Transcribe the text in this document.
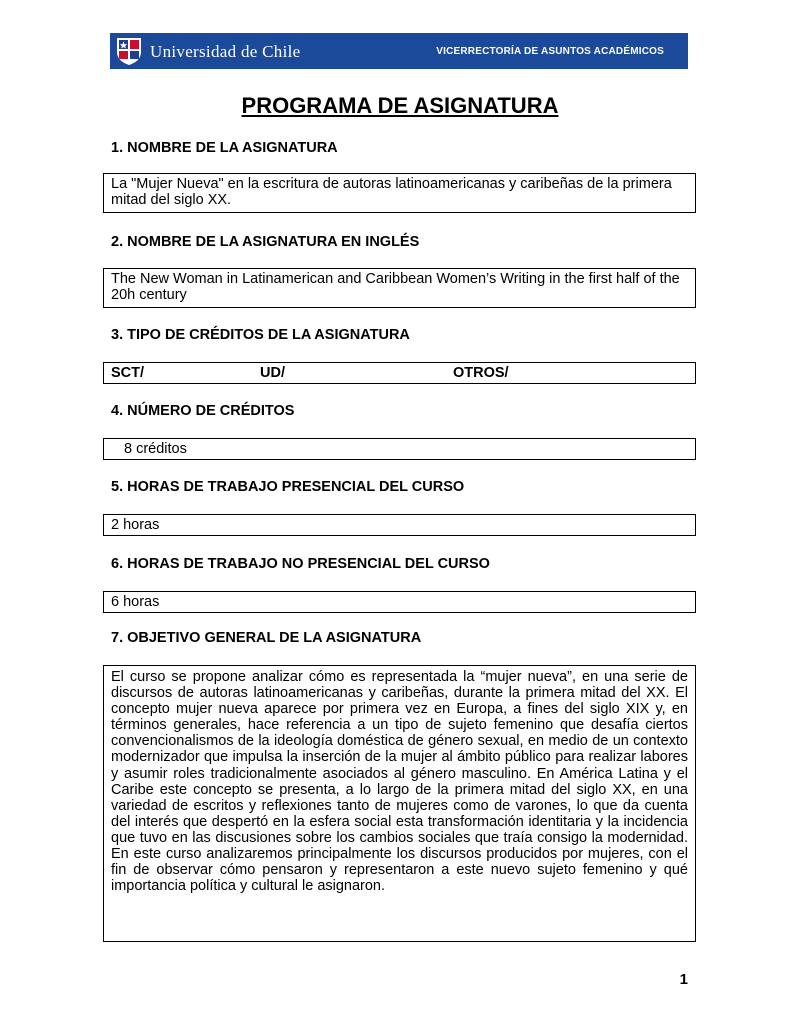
Universidad de Chile	VICERRECTORÍA DE ASUNTOS ACADÉMICOS
PROGRAMA DE ASIGNATURA
1. NOMBRE DE LA ASIGNATURA
La "Mujer Nueva" en la escritura de autoras latinoamericanas y caribeñas de la primera mitad del siglo XX.
2. NOMBRE DE LA ASIGNATURA EN INGLÉS
The New Woman in Latinamerican and Caribbean Women’s Writing in the first half of the 20h century
3. TIPO DE CRÉDITOS DE LA ASIGNATURA
SCT/	UD/	OTROS/
4. NÚMERO DE CRÉDITOS
8 créditos
5. HORAS DE TRABAJO PRESENCIAL DEL CURSO
2 horas
6. HORAS DE TRABAJO NO PRESENCIAL DEL CURSO
6 horas
7. OBJETIVO GENERAL DE LA ASIGNATURA
El curso se propone analizar cómo es representada la “mujer nueva”, en una serie de discursos de autoras latinoamericanas y caribeñas, durante la primera mitad del XX. El concepto mujer nueva aparece por primera vez en Europa, a fines del siglo XIX y, en términos generales, hace referencia a un tipo de sujeto femenino que desafía ciertos convencionalismos de la ideología doméstica de género sexual, en medio de un contexto modernizador que impulsa la inserción de la mujer al ámbito público para realizar labores y asumir roles tradicionalmente asociados al género masculino. En América Latina y el Caribe este concepto se presenta, a lo largo de la primera mitad del siglo XX, en una variedad de escritos y reflexiones tanto de mujeres como de varones, lo que da cuenta del interés que despertó en la esfera social esta transformación identitaria y la incidencia que tuvo en las discusiones sobre los cambios sociales que traía consigo la modernidad. En este curso analizaremos principalmente los discursos producidos por mujeres, con el fin de observar cómo pensaron y representaron a este nuevo sujeto femenino y qué importancia política y cultural le asignaron.
1
